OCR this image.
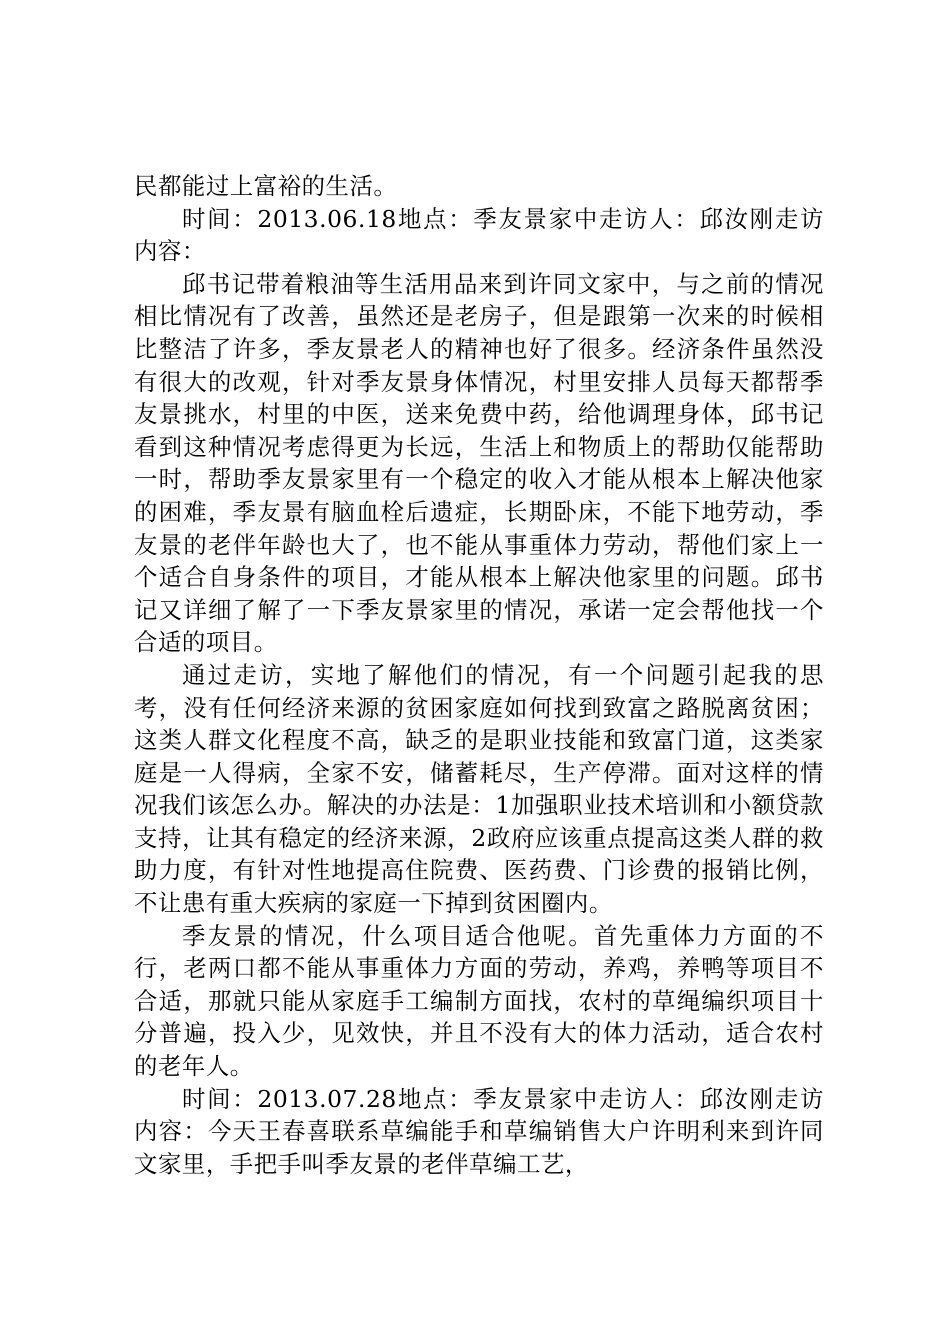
民都能过上富裕的生活。

时间：2013.06.18地点：季友景家中走访人：邱汝刚走访内容：

邱书记带着粮油等生活用品来到许同文家中，与之前的情况相比情况有了改善，虽然还是老房子，但是跟第一次来的时候相比整洁了许多，季友景老人的精神也好了很多。经济条件虽然没有很大的改观，针对季友景身体情况，村里安排人员每天都帮季友景挑水，村里的中医，送来免费中药，给他调理身体，邱书记看到这种情况考虑得更为长远，生活上和物质上的帮助仅能帮助一时，帮助季友景家里有一个稳定的收入才能从根本上解决他家的困难，季友景有脑血栓后遗症，长期卧床，不能下地劳动，季友景的老伴年龄也大了，也不能从事重体力劳动，帮他们家上一个适合自身条件的项目，才能从根本上解决他家里的问题。邱书记又详细了解了一下季友景家里的情况，承诺一定会帮他找一个合适的项目。

通过走访，实地了解他们的情况，有一个问题引起我的思考，没有任何经济来源的贫困家庭如何找到致富之路脱离贫困；这类人群文化程度不高，缺乏的是职业技能和致富门道，这类家庭是一人得病，全家不安，储蓄耗尽，生产停滞。面对这样的情况我们该怎么办。解决的办法是：1加强职业技术培训和小额贷款支持，让其有稳定的经济来源，2政府应该重点提高这类人群的救助力度，有针对性地提高住院费、医药费、门诊费的报销比例，不让患有重大疾病的家庭一下掉到贫困圈内。

季友景的情况，什么项目适合他呢。首先重体力方面的不行，老两口都不能从事重体力方面的劳动，养鸡，养鸭等项目不合适，那就只能从家庭手工编制方面找，农村的草绳编织项目十分普遍，投入少，见效快，并且不没有大的体力活动，适合农村的老年人。

时间：2013.07.28地点：季友景家中走访人：邱汝刚走访内容：今天王春喜联系草编能手和草编销售大户许明利来到许同文家里，手把手叫季友景的老伴草编工艺，
